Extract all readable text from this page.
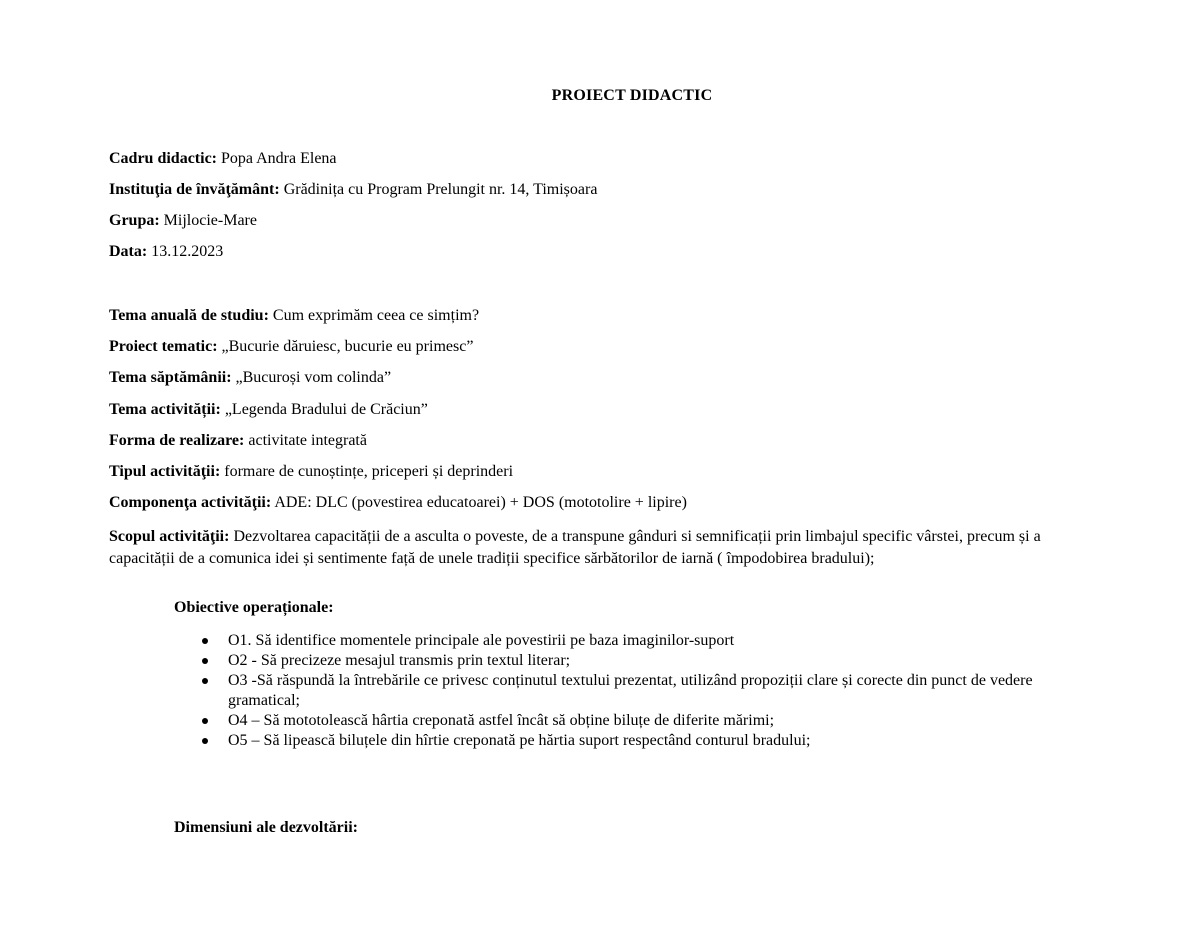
PROIECT DIDACTIC
Cadru didactic: Popa Andra Elena
Instituţia de învăţământ: Grădinița cu Program Prelungit nr. 14, Timișoara
Grupa: Mijlocie-Mare
Data: 13.12.2023
Tema anuală de studiu: Cum exprimăm ceea ce simțim?
Proiect tematic: „Bucurie dăruiesc, bucurie eu primesc”
Tema săptămânii: „Bucuroși vom colinda”
Tema activității: „Legenda Bradului de Crăciun”
Forma de realizare: activitate integrată
Tipul activităţii: formare de cunoștințe, priceperi și deprinderi
Componenţa activităţii: ADE: DLC (povestirea educatoarei) + DOS (mototolire + lipire)
Scopul activităţii: Dezvoltarea capacității de a asculta o poveste, de a transpune gânduri si semnificații prin limbajul specific vârstei, precum și a capacității de a comunica idei și sentimente față de unele tradiții specifice sărbătorilor de iarnă ( împodobirea bradului);
Obiective operaționale:
O1. Să identifice momentele principale ale povestirii pe baza imaginilor-suport
O2 - Să precizeze mesajul transmis prin textul literar;
O3 -Să răspundă la întrebările ce privesc conținutul textului prezentat, utilizând propoziții clare și corecte din punct de vedere gramatical;
O4 – Să mototolească hârtia creponată astfel încât să obține biluțe de diferite mărimi;
O5 – Să lipească biluțele din hîrtie creponată pe hărtia suport respectând conturul bradului;
Dimensiuni ale dezvoltării:
